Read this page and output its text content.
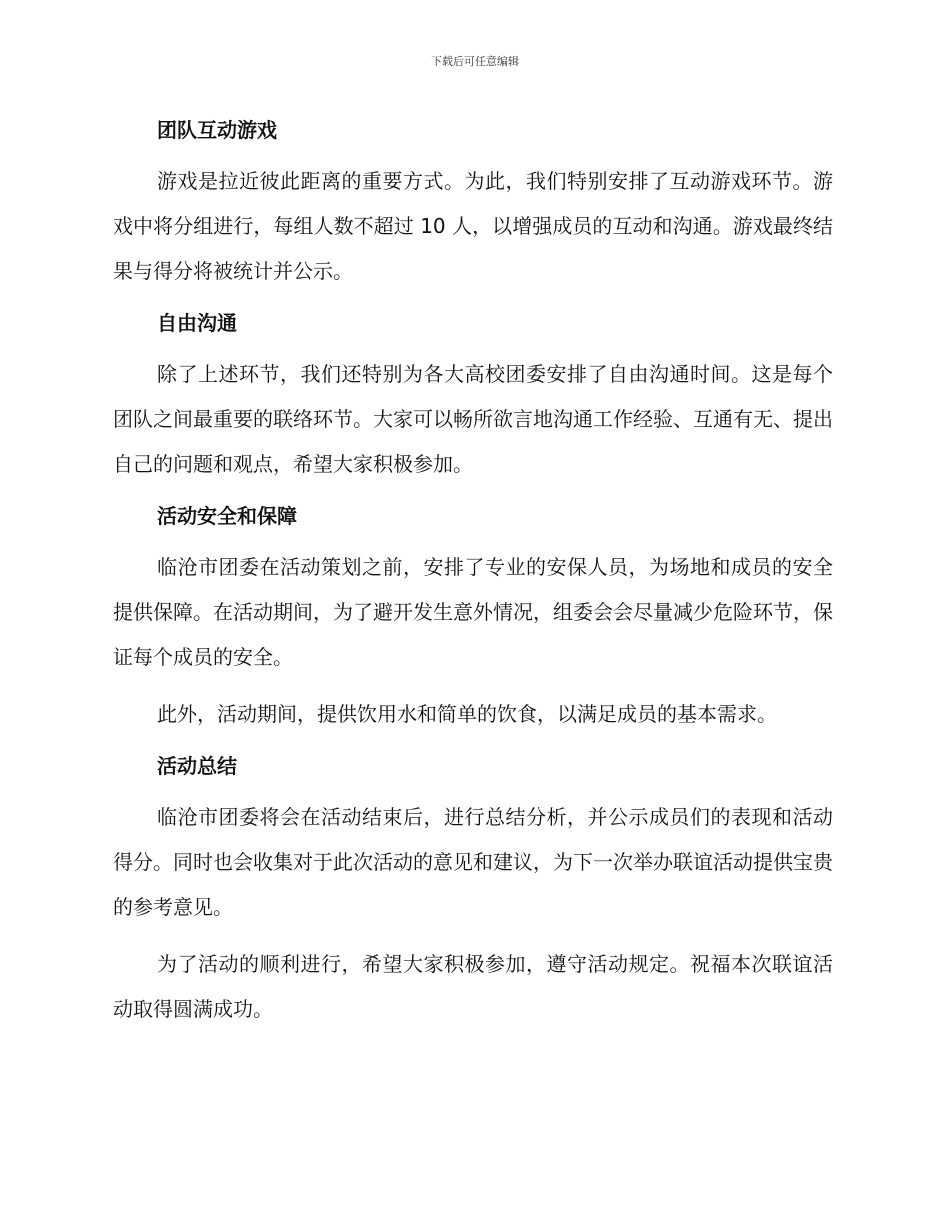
下载后可任意编辑
团队互动游戏

游戏是拉近彼此距离的重要方式。为此，我们特别安排了互动游戏环节。游戏中将分组进行，每组人数不超过 10 人，以增强成员的互动和沟通。游戏最终结果与得分将被统计并公示。

自由沟通

除了上述环节，我们还特别为各大高校团委安排了自由沟通时间。这是每个团队之间最重要的联络环节。大家可以畅所欲言地沟通工作经验、互通有无、提出自己的问题和观点，希望大家积极参加。

活动安全和保障

临沧市团委在活动策划之前，安排了专业的安保人员，为场地和成员的安全提供保障。在活动期间，为了避开发生意外情况，组委会会尽量减少危险环节，保证每个成员的安全。

此外，活动期间，提供饮用水和简单的饮食，以满足成员的基本需求。

活动总结

临沧市团委将会在活动结束后，进行总结分析，并公示成员们的表现和活动得分。同时也会收集对于此次活动的意见和建议，为下一次举办联谊活动提供宝贵的参考意见。

为了活动的顺利进行，希望大家积极参加，遵守活动规定。祝福本次联谊活动取得圆满成功。
